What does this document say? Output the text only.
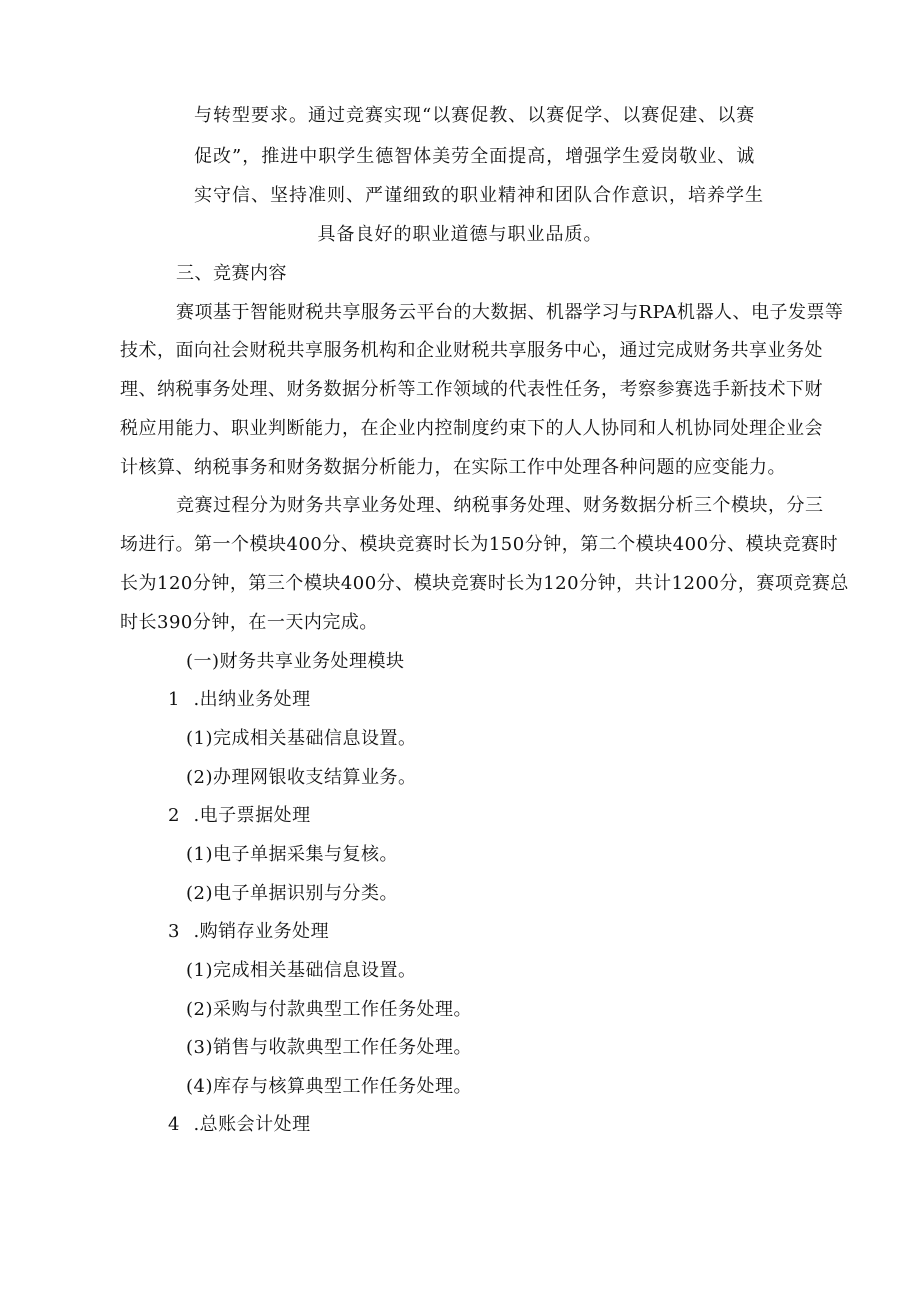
与转型要求。通过竞赛实现“以赛促教、以赛促学、以赛促建、以赛
促改”，推进中职学生德智体美劳全面提高，增强学生爱岗敬业、诚
实守信、坚持准则、严谨细致的职业精神和团队合作意识，培养学生
具备良好的职业道德与职业品质。
三、竞赛内容
赛项基于智能财税共享服务云平台的大数据、机器学习与RPA机器人、电子发票等
技术，面向社会财税共享服务机构和企业财税共享服务中心，通过完成财务共享业务处
理、纳税事务处理、财务数据分析等工作领域的代表性任务，考察参赛选手新技术下财
税应用能力、职业判断能力，在企业内控制度约束下的人人协同和人机协同处理企业会
计核算、纳税事务和财务数据分析能力，在实际工作中处理各种问题的应变能力。
竞赛过程分为财务共享业务处理、纳税事务处理、财务数据分析三个模块，分三
场进行。第一个模块400分、模块竞赛时长为150分钟，第二个模块400分、模块竞赛时
长为120分钟，第三个模块400分、模块竞赛时长为120分钟，共计1200分，赛项竞赛总
时长390分钟，在一天内完成。
(一)财务共享业务处理模块
1 .出纳业务处理
(1)完成相关基础信息设置。
(2)办理网银收支结算业务。
2 .电子票据处理
(1)电子单据采集与复核。
(2)电子单据识别与分类。
3 .购销存业务处理
(1)完成相关基础信息设置。
(2)采购与付款典型工作任务处理。
(3)销售与收款典型工作任务处理。
(4)库存与核算典型工作任务处理。
4 .总账会计处理
